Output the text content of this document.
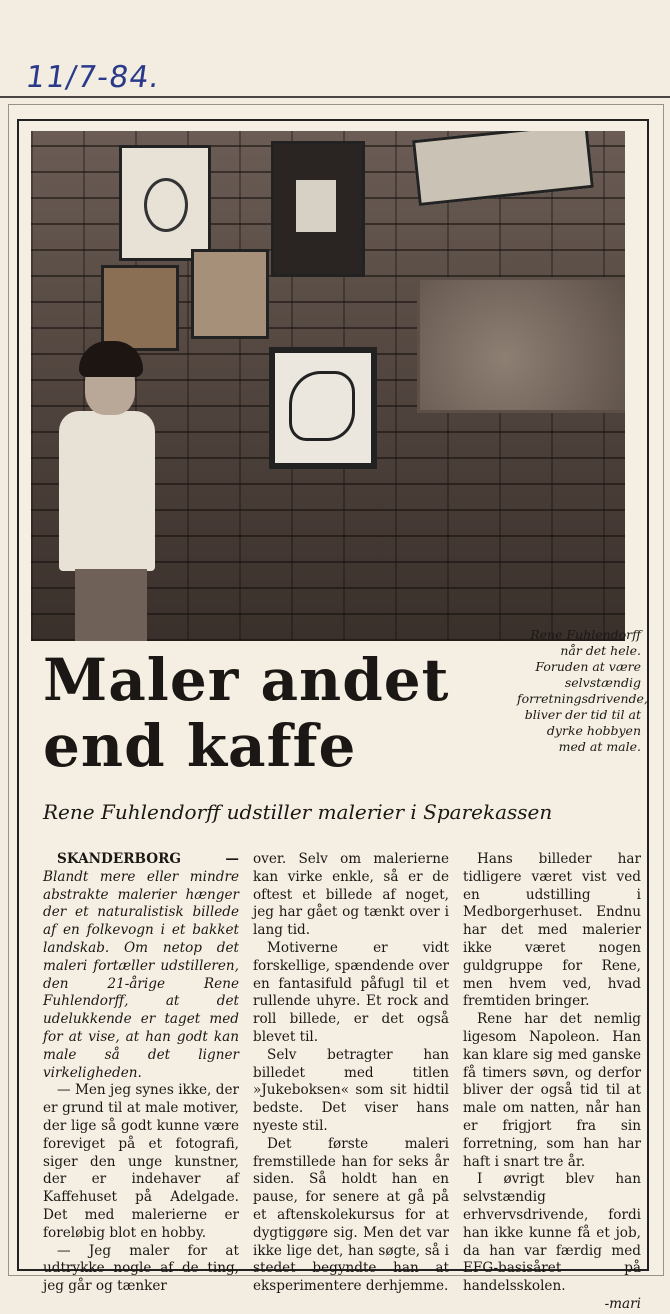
11/7-84.
Rene Fuhlendorff når det hele. Foruden at være selvstændig forretningsdrivende, bliver der tid til at dyrke hobbyen med at male.
Maler andet end kaffe
Rene Fuhlendorff udstiller malerier i Sparekassen

SKANDERBORG — Blandt mere eller mindre abstrakte malerier hænger der et naturalistisk billede af en folkevogn i et bakket landskab. Om netop det maleri fortæller udstilleren, den 21-årige Rene Fuhlendorff, at det udelukkende er taget med for at vise, at han godt kan male så det ligner virkeligheden.

— Men jeg synes ikke, der er grund til at male motiver, der lige så godt kunne være foreviget på et fotografi, siger den unge kunstner, der er indehaver af Kaffehuset på Adelgade. Det med malerierne er foreløbig blot en hobby.

— Jeg maler for at udtrykke nogle af de ting, jeg går og tænker

over. Selv om malerierne kan virke enkle, så er de oftest et billede af noget, jeg har gået og tænkt over i lang tid.

Motiverne er vidt forskellige, spændende over en fantasifuld påfugl til et rullende uhyre. Et rock and roll billede, er det også blevet til.

Selv betragter han billedet med titlen »Jukeboksen« som sit hidtil bedste. Det viser hans nyeste stil.

Det første maleri fremstillede han for seks år siden. Så holdt han en pause, for senere at gå på et aftenskolekursus for at dygtiggøre sig. Men det var ikke lige det, han søgte, så i stedet begyndte han at eksperimentere derhjemme.

Hans billeder har tidligere været vist ved en udstilling i Medborgerhuset. Endnu har det med malerier ikke været nogen guldgruppe for Rene, men hvem ved, hvad fremtiden bringer.

Rene har det nemlig ligesom Napoleon. Han kan klare sig med ganske få timers søvn, og derfor bliver der også tid til at male om natten, når han er frigjort fra sin forretning, som han har haft i snart tre år.

I øvrigt blev han selvstændig erhvervsdrivende, fordi han ikke kunne få et job, da han var færdig med EFG-basisåret på handelsskolen.

-mari
